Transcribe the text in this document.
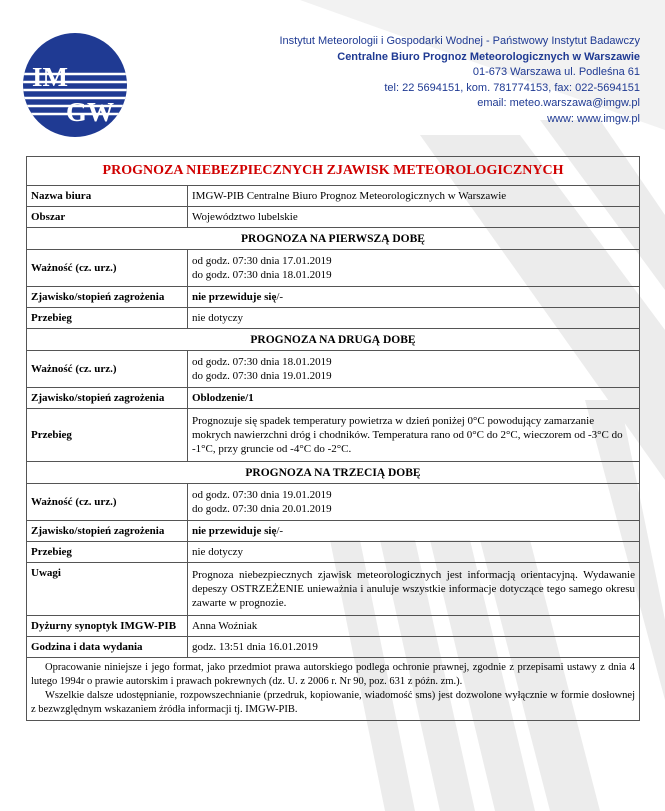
IM
GW
Instytut Meteorologii i Gospodarki Wodnej - Państwowy Instytut Badawczy
Centralne Biuro Prognoz Meteorologicznych w Warszawie
01-673 Warszawa ul. Podleśna 61
tel: 22 5694151, kom. 781774153, fax: 022-5694151
email: meteo.warszawa@imgw.pl
www: www.imgw.pl
PROGNOZA NIEBEZPIECZNYCH ZJAWISK METEOROLOGICZNYCH	
Nazwa biura	IMGW-PIB Centralne Biuro Prognoz Meteorologicznych w Warszawie
Obszar	Województwo lubelskie
PROGNOZA NA PIERWSZĄ DOBĘ	
Ważność (cz. urz.)	od godz. 07:30 dnia 17.01.2019
do godz. 07:30 dnia 18.01.2019

Zjawisko/stopień zagrożenia	nie przewiduje się/-
Przebieg	nie dotyczy
PROGNOZA NA DRUGĄ DOBĘ	
Ważność (cz. urz.)	od godz. 07:30 dnia 18.01.2019
do godz. 07:30 dnia 19.01.2019

Zjawisko/stopień zagrożenia	Oblodzenie/1
Przebieg	Prognozuje się spadek temperatury powietrza w dzień poniżej 0°C powodujący zamarzanie mokrych nawierzchni dróg i chodników. Temperatura rano od 0°C do 2°C, wieczorem od -3°C do -1°C, przy gruncie od -4°C do -2°C.
PROGNOZA NA TRZECIĄ DOBĘ	
Ważność (cz. urz.)	od godz. 07:30 dnia 19.01.2019
do godz. 07:30 dnia 20.01.2019

Zjawisko/stopień zagrożenia	nie przewiduje się/-
Przebieg	nie dotyczy
Uwagi	Prognoza niebezpiecznych zjawisk meteorologicznych jest informacją orientacyjną. Wydawanie depeszy OSTRZEŻENIE unieważnia i anuluje wszystkie informacje dotyczące tego samego okresu zawarte w prognozie.
Dyżurny synoptyk IMGW-PIB	Anna Woźniak
Godzina i data wydania	godz. 13:51 dnia 16.01.2019

Opracowanie niniejsze i jego format, jako przedmiot prawa autorskiego podlega ochronie prawnej, zgodnie z przepisami ustawy z dnia 4 lutego 1994r o prawie autorskim i prawach pokrewnych (dz. U. z 2006 r. Nr 90, poz. 631 z późn. zm.).

Wszelkie dalsze udostępnianie, rozpowszechnianie (przedruk, kopiowanie, wiadomość sms) jest dozwolone wyłącznie w formie dosłownej z bezwzględnym wskazaniem źródła informacji tj. IMGW-PIB.	
